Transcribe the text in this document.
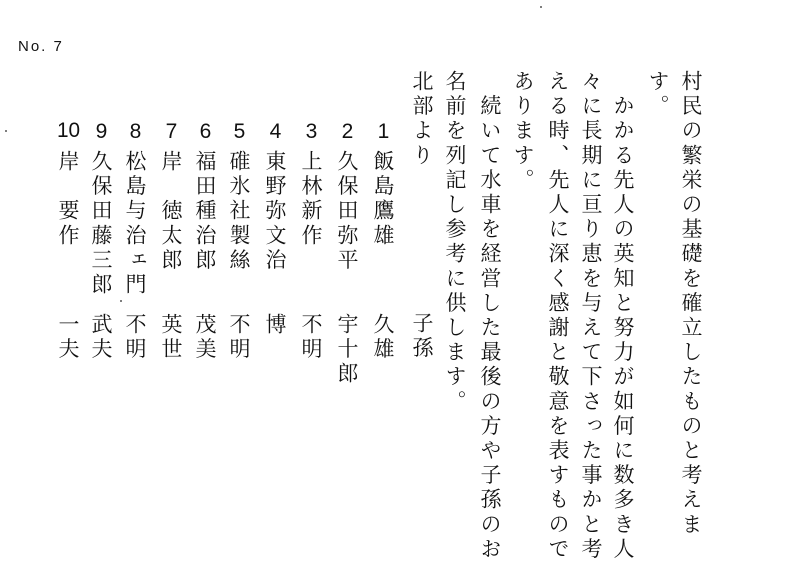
No. 7
村民の繁栄の基礎を確立したものと考えま
す。
　かかる先人の英知と努力が如何に数多き人
々に長期に亘り恵を与えて下さった事かと考
える時、先人に深く感謝と敬意を表すもので
あります。
　続いて水車を経営した最後の方や子孫のお
名前を列記し参考に供します。
北部より
子孫
1
飯島鷹雄
久雄
2
久保田弥平
宇十郎
3
上林新作
不明
4
東野弥文治
博
5
碓氷社製絲
不明
6
福田種治郎
茂美
7
岸　徳太郎
英世
8
松島与治ェ門
不明
9
久保田藤三郎
武夫
10
岸　要作
一夫
